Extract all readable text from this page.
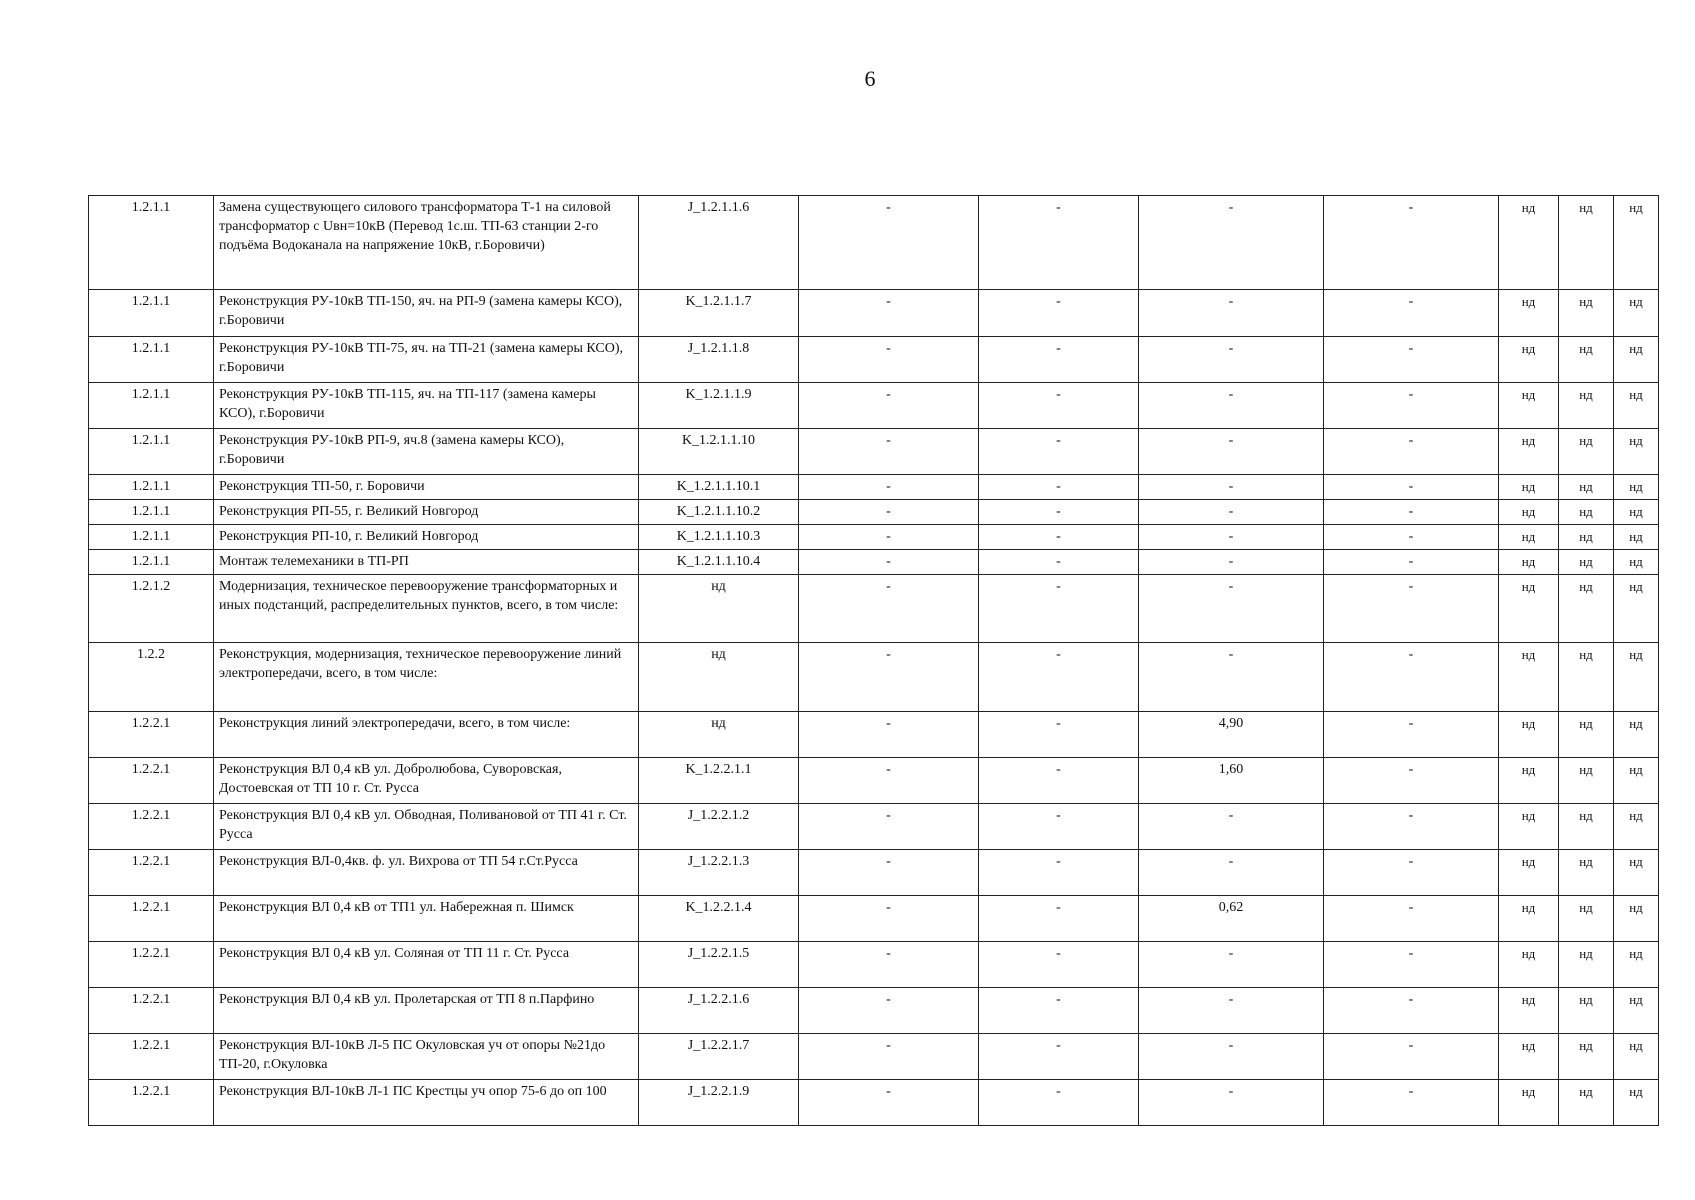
6
1.2.1.1	Замена существующего силового трансформатора Т-1 на силовой трансформатор с Uвн=10кВ (Перевод 1с.ш. ТП-63 станции 2-го подъёма Водоканала на напряжение 10кВ, г.Боровичи)	J_1.2.1.1.6	-	-	-	-	нд	нд	нд
1.2.1.1	Реконструкция РУ-10кВ ТП-150, яч. на РП-9 (замена камеры КСО), г.Боровичи	K_1.2.1.1.7	-	-	-	-	нд	нд	нд
1.2.1.1	Реконструкция РУ-10кВ ТП-75, яч. на ТП-21 (замена камеры КСО), г.Боровичи	J_1.2.1.1.8	-	-	-	-	нд	нд	нд
1.2.1.1	Реконструкция РУ-10кВ ТП-115, яч. на ТП-117 (замена камеры КСО), г.Боровичи	K_1.2.1.1.9	-	-	-	-	нд	нд	нд
1.2.1.1	Реконструкция РУ-10кВ РП-9, яч.8 (замена камеры КСО), г.Боровичи	K_1.2.1.1.10	-	-	-	-	нд	нд	нд
1.2.1.1	Реконструкция ТП-50, г. Боровичи	K_1.2.1.1.10.1	-	-	-	-	нд	нд	нд
1.2.1.1	Реконструкция РП-55, г. Великий Новгород	K_1.2.1.1.10.2	-	-	-	-	нд	нд	нд
1.2.1.1	Реконструкция РП-10, г. Великий Новгород	K_1.2.1.1.10.3	-	-	-	-	нд	нд	нд
1.2.1.1	Монтаж телемеханики в ТП-РП	K_1.2.1.1.10.4	-	-	-	-	нд	нд	нд
1.2.1.2	Модернизация, техническое перевооружение трансформаторных и иных подстанций, распределительных пунктов, всего, в том числе:	нд	-	-	-	-	нд	нд	нд
1.2.2	Реконструкция, модернизация, техническое перевооружение линий электропередачи, всего, в том числе:	нд	-	-	-	-	нд	нд	нд
1.2.2.1	Реконструкция линий электропередачи, всего, в том числе:	нд	-	-	4,90	-	нд	нд	нд
1.2.2.1	Реконструкция ВЛ 0,4 кВ ул. Добролюбова, Суворовская, Достоевская от ТП 10 г. Ст. Русса	K_1.2.2.1.1	-	-	1,60	-	нд	нд	нд
1.2.2.1	Реконструкция ВЛ 0,4 кВ ул. Обводная, Поливановой от ТП 41 г. Ст. Русса	J_1.2.2.1.2	-	-	-	-	нд	нд	нд
1.2.2.1	Реконструкция ВЛ-0,4кв. ф. ул. Вихрова от ТП 54 г.Ст.Русса	J_1.2.2.1.3	-	-	-	-	нд	нд	нд
1.2.2.1	Реконструкция ВЛ 0,4 кВ от ТП1 ул. Набережная п. Шимск	K_1.2.2.1.4	-	-	0,62	-	нд	нд	нд
1.2.2.1	Реконструкция ВЛ 0,4 кВ ул. Соляная от ТП 11 г. Ст. Русса	J_1.2.2.1.5	-	-	-	-	нд	нд	нд
1.2.2.1	Реконструкция ВЛ 0,4 кВ ул. Пролетарская от ТП 8 п.Парфино	J_1.2.2.1.6	-	-	-	-	нд	нд	нд
1.2.2.1	Реконструкция ВЛ-10кВ Л-5 ПС Окуловская уч от опоры №21до ТП-20, г.Окуловка	J_1.2.2.1.7	-	-	-	-	нд	нд	нд
1.2.2.1	Реконструкция ВЛ-10кВ Л-1 ПС Крестцы уч опор 75-6 до оп 100	J_1.2.2.1.9	-	-	-	-	нд	нд	нд
